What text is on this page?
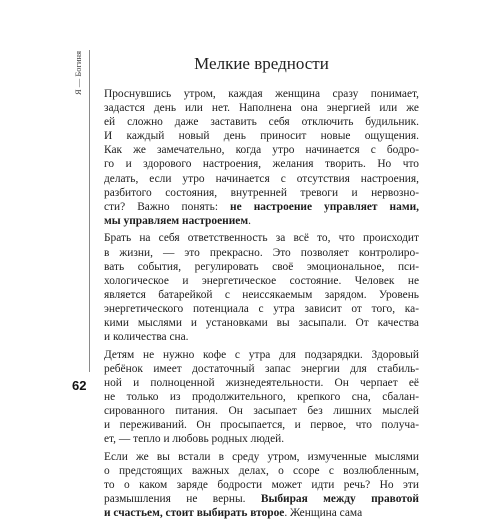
Я — Богиня
62
Мелкие вредности

Проснувшись утром, каждая женщина сразу понимает,
задастся день или нет. Наполнена она энергией или же
ей сложно даже заставить себя отключить будильник.
И каждый новый день приносит новые ощущения.
Как же замечательно, когда утро начинается с бодро-
го и здорового настроения, желания творить. Но что
делать, если утро начинается с отсутствия настроения,
разбитого состояния, внутренней тревоги и нервозно-
сти? Важно понять: не настроение управляет нами,
мы управляем настроением.

Брать на себя ответственность за всё то, что происходит
в жизни, — это прекрасно. Это позволяет контролиро-
вать события, регулировать своё эмоциональное, пси-
хологическое и энергетическое состояние. Человек не
является батарейкой с неиссякаемым зарядом. Уровень
энергетического потенциала с утра зависит от того, ка-
кими мыслями и установками вы засыпали. От качества
и количества сна.

Детям не нужно кофе с утра для подзарядки. Здоровый
ребёнок имеет достаточный запас энергии для стабиль-
ной и полноценной жизнедеятельности. Он черпает её
не только из продолжительного, крепкого сна, сбалан-
сированного питания. Он засыпает без лишних мыслей
и переживаний. Он просыпается, и первое, что получа-
ет, — тепло и любовь родных людей.

Если же вы встали в среду утром, измученные мыслями
о предстоящих важных делах, о ссоре с возлюбленным,
то о каком заряде бодрости может идти речь? Но эти
размышления не верны. Выбирая между правотой
и счастьем, стоит выбирать второе. Женщина сама
